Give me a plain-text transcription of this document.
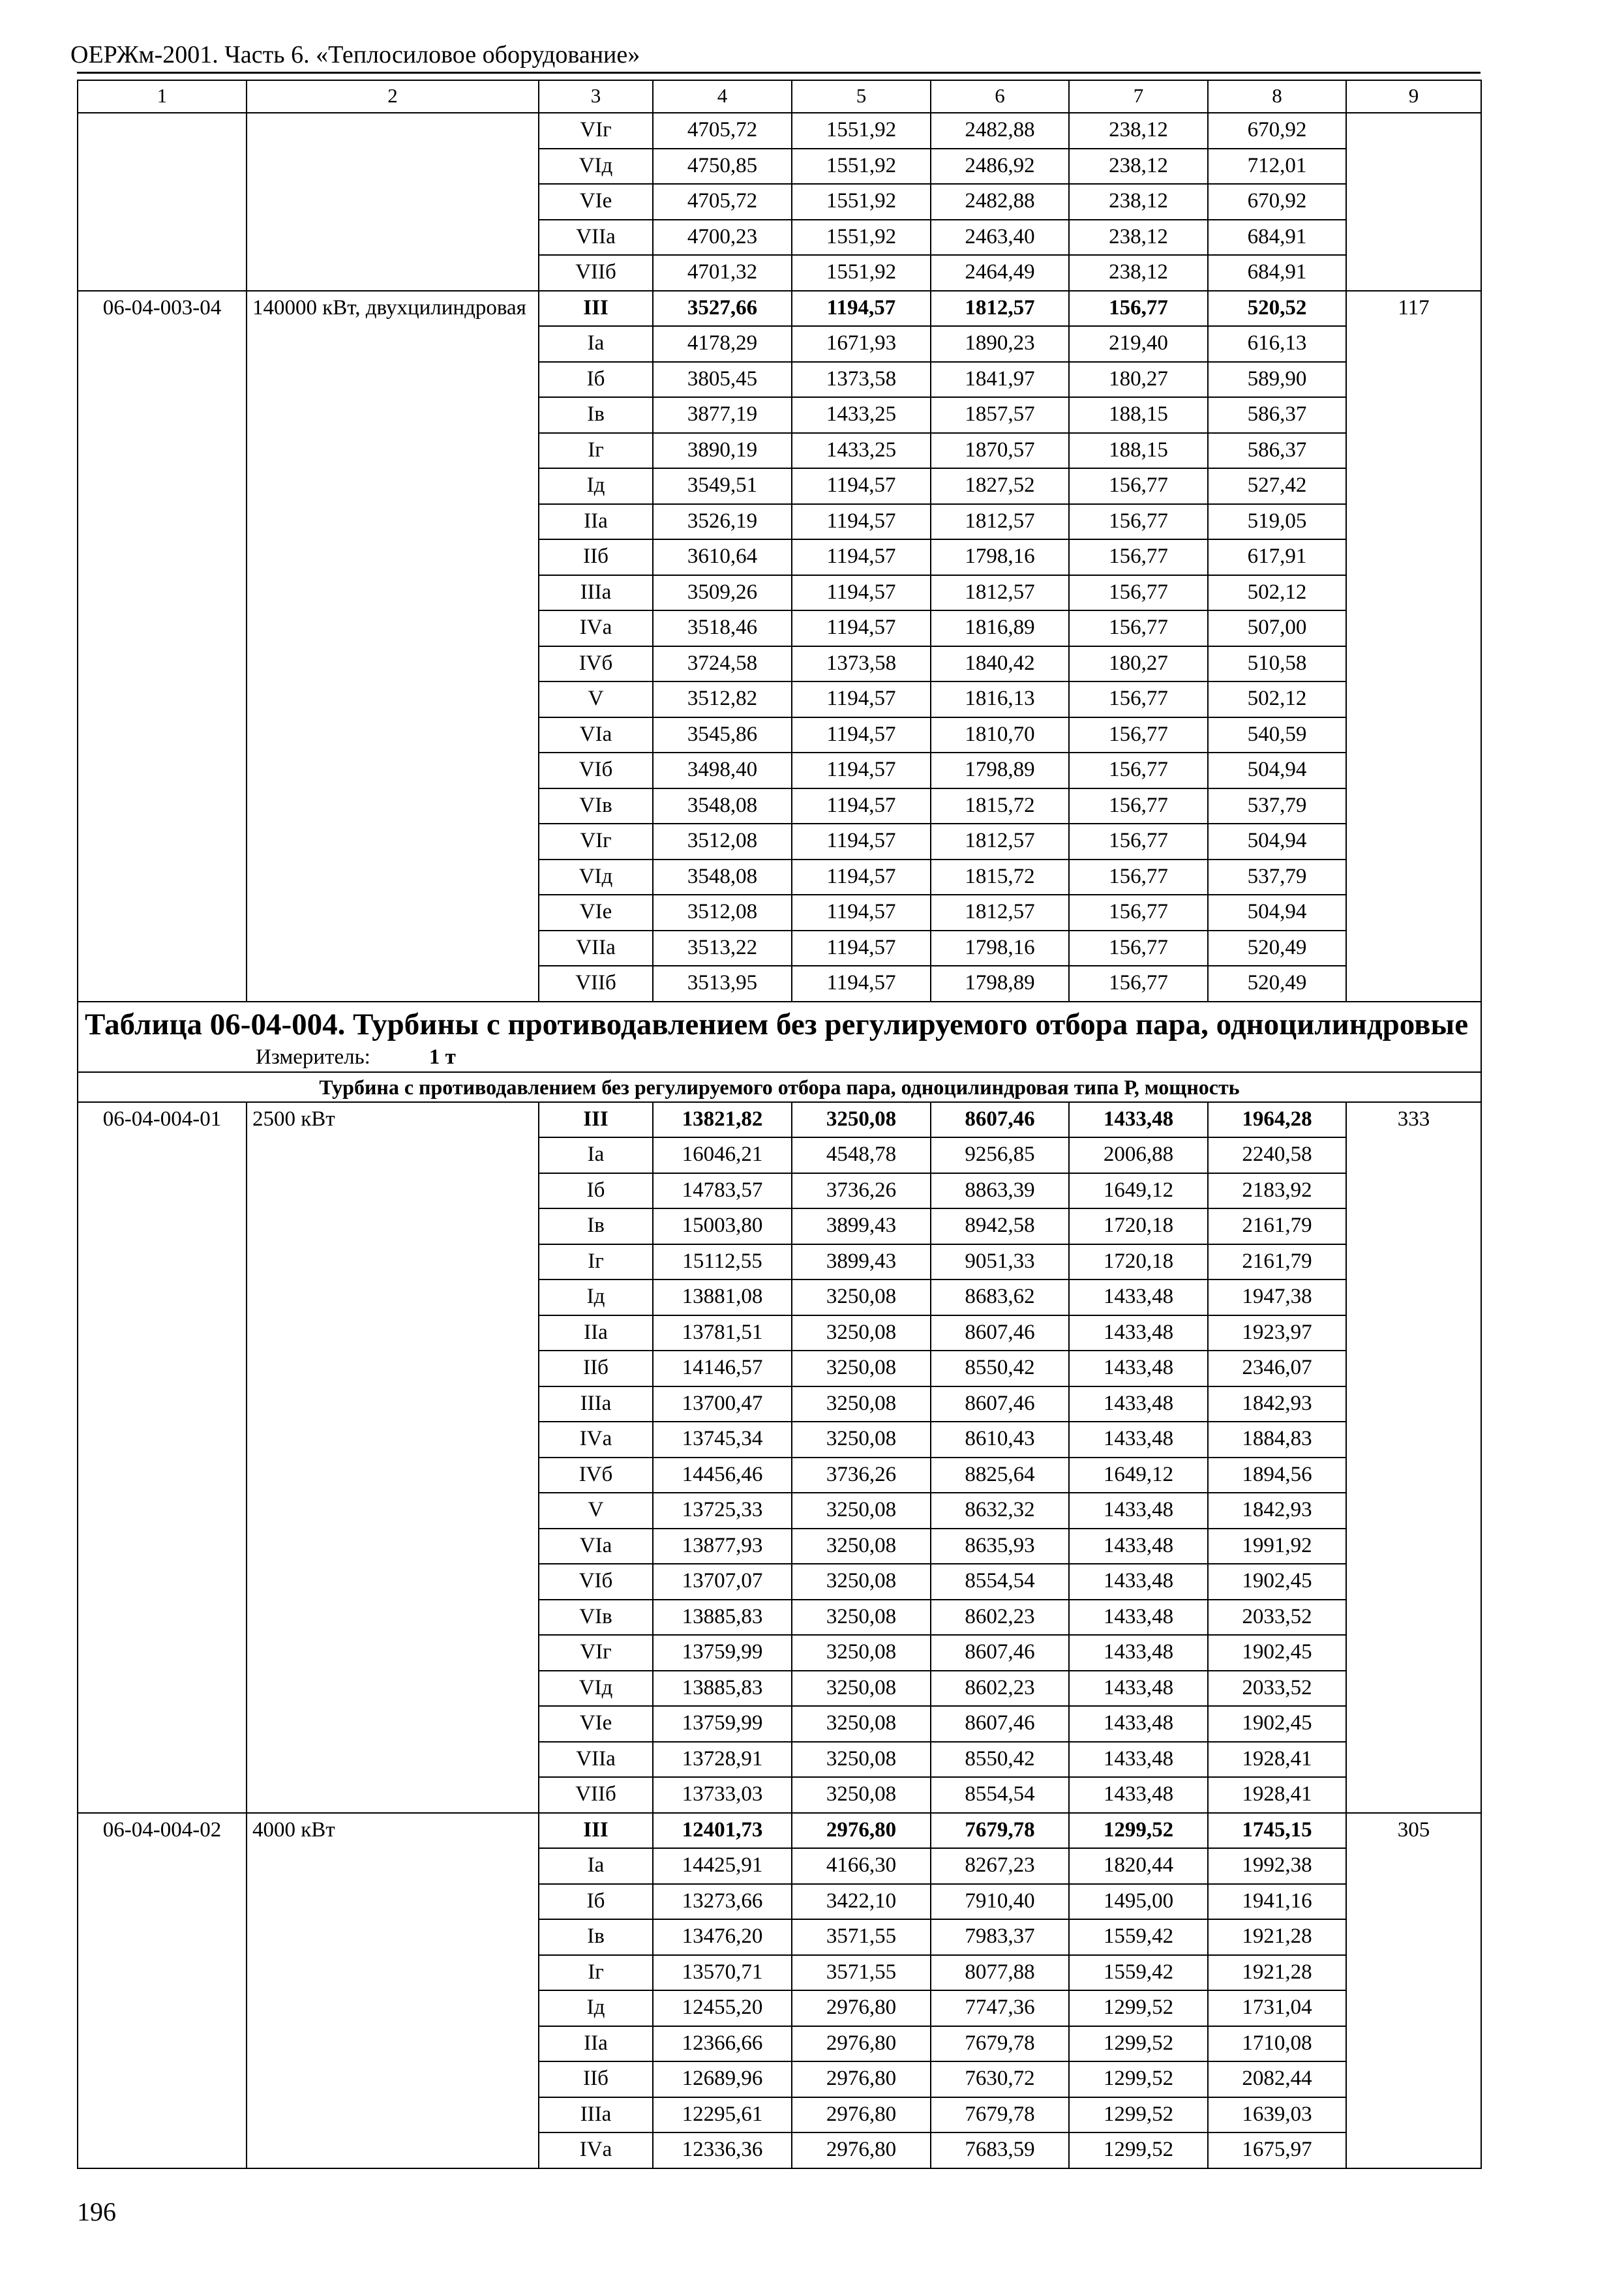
ОЕРЖм-2001. Часть 6. «Теплосиловое оборудование»
1	2	3	4	5	6	7	8	9
		VIг	4705,72	1551,92	2482,88	238,12	670,92	
		VIд	4750,85	1551,92	2486,92	238,12	712,01	
		VIе	4705,72	1551,92	2482,88	238,12	670,92	
		VIIа	4700,23	1551,92	2463,40	238,12	684,91	
		VIIб	4701,32	1551,92	2464,49	238,12	684,91	
06-04-003-04	140000 кВт, двухцилиндровая	III	3527,66	1194,57	1812,57	156,77	520,52	117
		Iа	4178,29	1671,93	1890,23	219,40	616,13	
		Iб	3805,45	1373,58	1841,97	180,27	589,90	
		Iв	3877,19	1433,25	1857,57	188,15	586,37	
		Iг	3890,19	1433,25	1870,57	188,15	586,37	
		Iд	3549,51	1194,57	1827,52	156,77	527,42	
		IIа	3526,19	1194,57	1812,57	156,77	519,05	
		IIб	3610,64	1194,57	1798,16	156,77	617,91	
		IIIа	3509,26	1194,57	1812,57	156,77	502,12	
		IVа	3518,46	1194,57	1816,89	156,77	507,00	
		IVб	3724,58	1373,58	1840,42	180,27	510,58	
		V	3512,82	1194,57	1816,13	156,77	502,12	
		VIа	3545,86	1194,57	1810,70	156,77	540,59	
		VIб	3498,40	1194,57	1798,89	156,77	504,94	
		VIв	3548,08	1194,57	1815,72	156,77	537,79	
		VIг	3512,08	1194,57	1812,57	156,77	504,94	
		VIд	3548,08	1194,57	1815,72	156,77	537,79	
		VIе	3512,08	1194,57	1812,57	156,77	504,94	
		VIIа	3513,22	1194,57	1798,16	156,77	520,49	
		VIIб	3513,95	1194,57	1798,89	156,77	520,49	

Таблица 06-04-004. Турбины с противодавлением без регулируемого отбора пара, одноцилиндровые
Измеритель: 1 т								

Турбина с противодавлением без регулируемого отбора пара, одноцилиндровая типа Р, мощность								
06-04-004-01	2500 кВт	III	13821,82	3250,08	8607,46	1433,48	1964,28	333
		Iа	16046,21	4548,78	9256,85	2006,88	2240,58	
		Iб	14783,57	3736,26	8863,39	1649,12	2183,92	
		Iв	15003,80	3899,43	8942,58	1720,18	2161,79	
		Iг	15112,55	3899,43	9051,33	1720,18	2161,79	
		Iд	13881,08	3250,08	8683,62	1433,48	1947,38	
		IIа	13781,51	3250,08	8607,46	1433,48	1923,97	
		IIб	14146,57	3250,08	8550,42	1433,48	2346,07	
		IIIа	13700,47	3250,08	8607,46	1433,48	1842,93	
		IVа	13745,34	3250,08	8610,43	1433,48	1884,83	
		IVб	14456,46	3736,26	8825,64	1649,12	1894,56	
		V	13725,33	3250,08	8632,32	1433,48	1842,93	
		VIа	13877,93	3250,08	8635,93	1433,48	1991,92	
		VIб	13707,07	3250,08	8554,54	1433,48	1902,45	
		VIв	13885,83	3250,08	8602,23	1433,48	2033,52	
		VIг	13759,99	3250,08	8607,46	1433,48	1902,45	
		VIд	13885,83	3250,08	8602,23	1433,48	2033,52	
		VIе	13759,99	3250,08	8607,46	1433,48	1902,45	
		VIIа	13728,91	3250,08	8550,42	1433,48	1928,41	
		VIIб	13733,03	3250,08	8554,54	1433,48	1928,41	
06-04-004-02	4000 кВт	III	12401,73	2976,80	7679,78	1299,52	1745,15	305
		Iа	14425,91	4166,30	8267,23	1820,44	1992,38	
		Iб	13273,66	3422,10	7910,40	1495,00	1941,16	
		Iв	13476,20	3571,55	7983,37	1559,42	1921,28	
		Iг	13570,71	3571,55	8077,88	1559,42	1921,28	
		Iд	12455,20	2976,80	7747,36	1299,52	1731,04	
		IIа	12366,66	2976,80	7679,78	1299,52	1710,08	
		IIб	12689,96	2976,80	7630,72	1299,52	2082,44	
		IIIа	12295,61	2976,80	7679,78	1299,52	1639,03	
		IVа	12336,36	2976,80	7683,59	1299,52	1675,97	
196
